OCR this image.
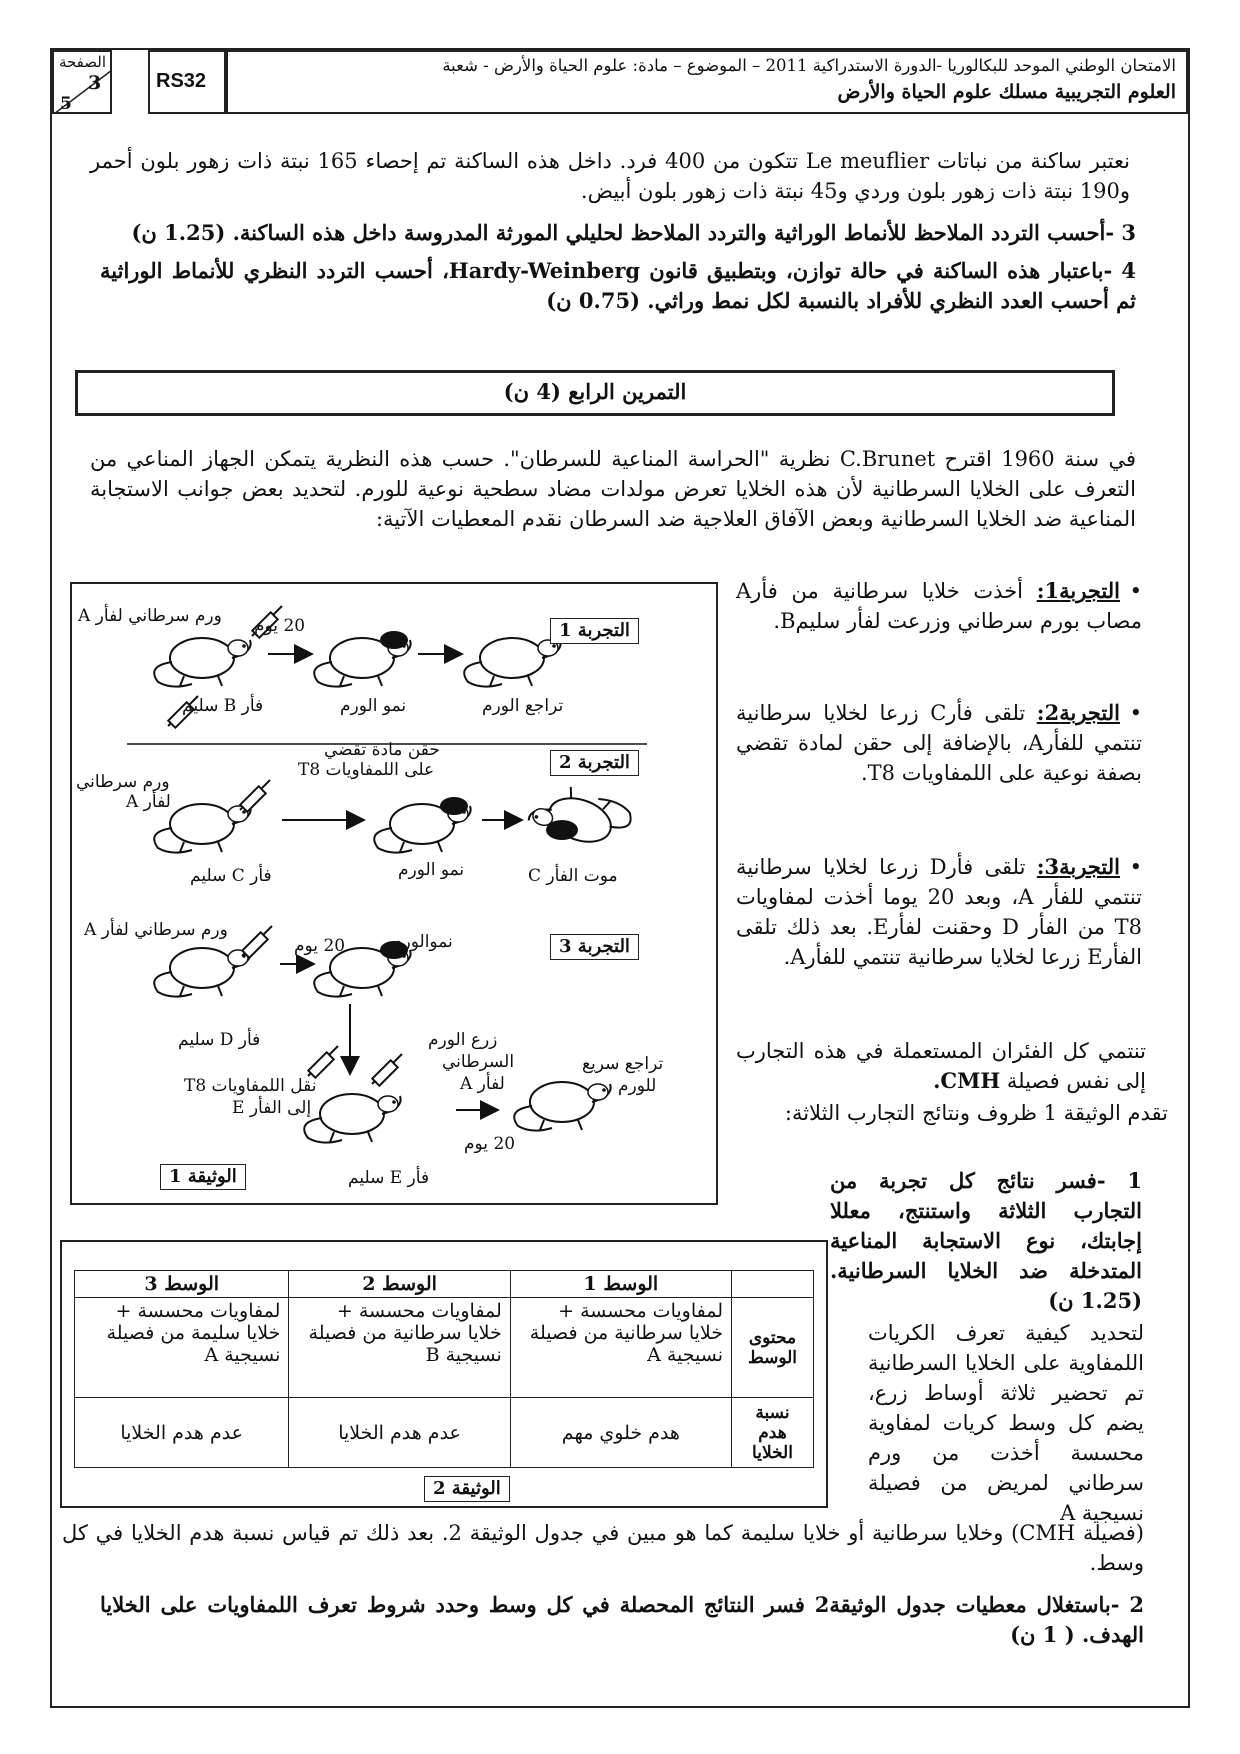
الصفحة
3
5
RS32
الامتحان الوطني الموحد للبكالوريا -الدورة الاستدراكية 2011 – الموضوع – مادة: علوم الحياة والأرض - شعبة
العلوم التجريبية مسلك علوم الحياة والأرض
نعتبر ساكنة من نباتات Le meuflier تتكون من 400 فرد. داخل هذه الساكنة تم إحصاء 165 نبتة ذات زهور بلون أحمر و190 نبتة ذات زهور بلون وردي و45 نبتة ذات زهور بلون أبيض.
3 -أحسب التردد الملاحظ للأنماط الوراثية والتردد الملاحظ لحليلي المورثة المدروسة داخل هذه الساكنة. (1.25 ن)
4 -باعتبار هذه الساكنة في حالة توازن، وبتطبيق قانون Hardy-Weinberg، أحسب التردد النظري للأنماط الوراثية ثم أحسب العدد النظري للأفراد بالنسبة لكل نمط وراثي. (0.75 ن)
التمرين الرابع (4 ن)
في سنة 1960 اقترح C.Brunet نظرية "الحراسة المناعية للسرطان". حسب هذه النظرية يتمكن الجهاز المناعي من التعرف على الخلايا السرطانية لأن هذه الخلايا تعرض مولدات مضاد سطحية نوعية للورم. لتحديد بعض جوانب الاستجابة المناعية ضد الخلايا السرطانية وبعض الآفاق العلاجية ضد السرطان نقدم المعطيات الآتية:
التجربة 1
التجربة 2
التجربة 3
الوثيقة 1
ورم سرطاني لفأر A 20 يوم
فأر B سليم	نمو الورم	تراجع الورم
حقن مادة تقضي
على اللمفاويات T8
ورم سرطاني
لفأر A
فأر C سليم	نمو الورم	موت الفأر C
ورم سرطاني لفأر A
20 يوم	نموالورم
فأر D سليم	زرع الورم
السرطاني
لفأر A
نقل اللمفاويات T8
إلى الفأر E
تراجع سريع
للورم
20 يوم
فأر E سليم
•التجربة1: أخذت خلايا سرطانية من فأرA مصاب بورم سرطاني وزرعت لفأر سليمB.
•التجربة2: تلقى فأرC زرعا لخلايا سرطانية تنتمي للفأرA، بالإضافة إلى حقن لمادة تقضي بصفة نوعية على اللمفاويات T8.
•التجربة3: تلقى فأرD زرعا لخلايا سرطانية تنتمي للفأر A، وبعد 20 يوما أخذت لمفاويات T8 من الفأر D وحقنت لفأرE. بعد ذلك تلقى الفأرE زرعا لخلايا سرطانية تنتمي للفأرA.
تنتمي كل الفئران المستعملة في هذه التجارب إلى نفس فصيلة CMH.
تقدم الوثيقة 1 ظروف ونتائج التجارب الثلاثة:
1 -فسر نتائج كل تجربة من التجارب الثلاثة واستنتج، معللا إجابتك، نوع الاستجابة المناعية المتدخلة ضد الخلايا السرطانية. (1.25 ن)
	الوسط 1	الوسط 2	الوسط 3
محتوى الوسط	لمفاويات محسسة + خلايا سرطانية من فصيلة نسيجية A	لمفاويات محسسة + خلايا سرطانية من فصيلة نسيجية B	لمفاويات محسسة + خلايا سليمة من فصيلة نسيجية A
نسبة هدم الخلايا	هدم خلوي مهم	عدم هدم الخلايا	عدم هدم الخلايا
الوثيقة 2
لتحديد كيفية تعرف الكريات اللمفاوية على الخلايا السرطانية تم تحضير ثلاثة أوساط زرع، يضم كل وسط كريات لمفاوية محسسة أخذت من ورم سرطاني لمريض من فصيلة نسيجية A
(فصيلة CMH) وخلايا سرطانية أو خلايا سليمة كما هو مبين في جدول الوثيقة 2. بعد ذلك تم قياس نسبة هدم الخلايا في كل وسط.
2 -باستغلال معطيات جدول الوثيقة2 فسر النتائج المحصلة في كل وسط وحدد شروط تعرف اللمفاويات على الخلايا الهدف. ( 1 ن)
